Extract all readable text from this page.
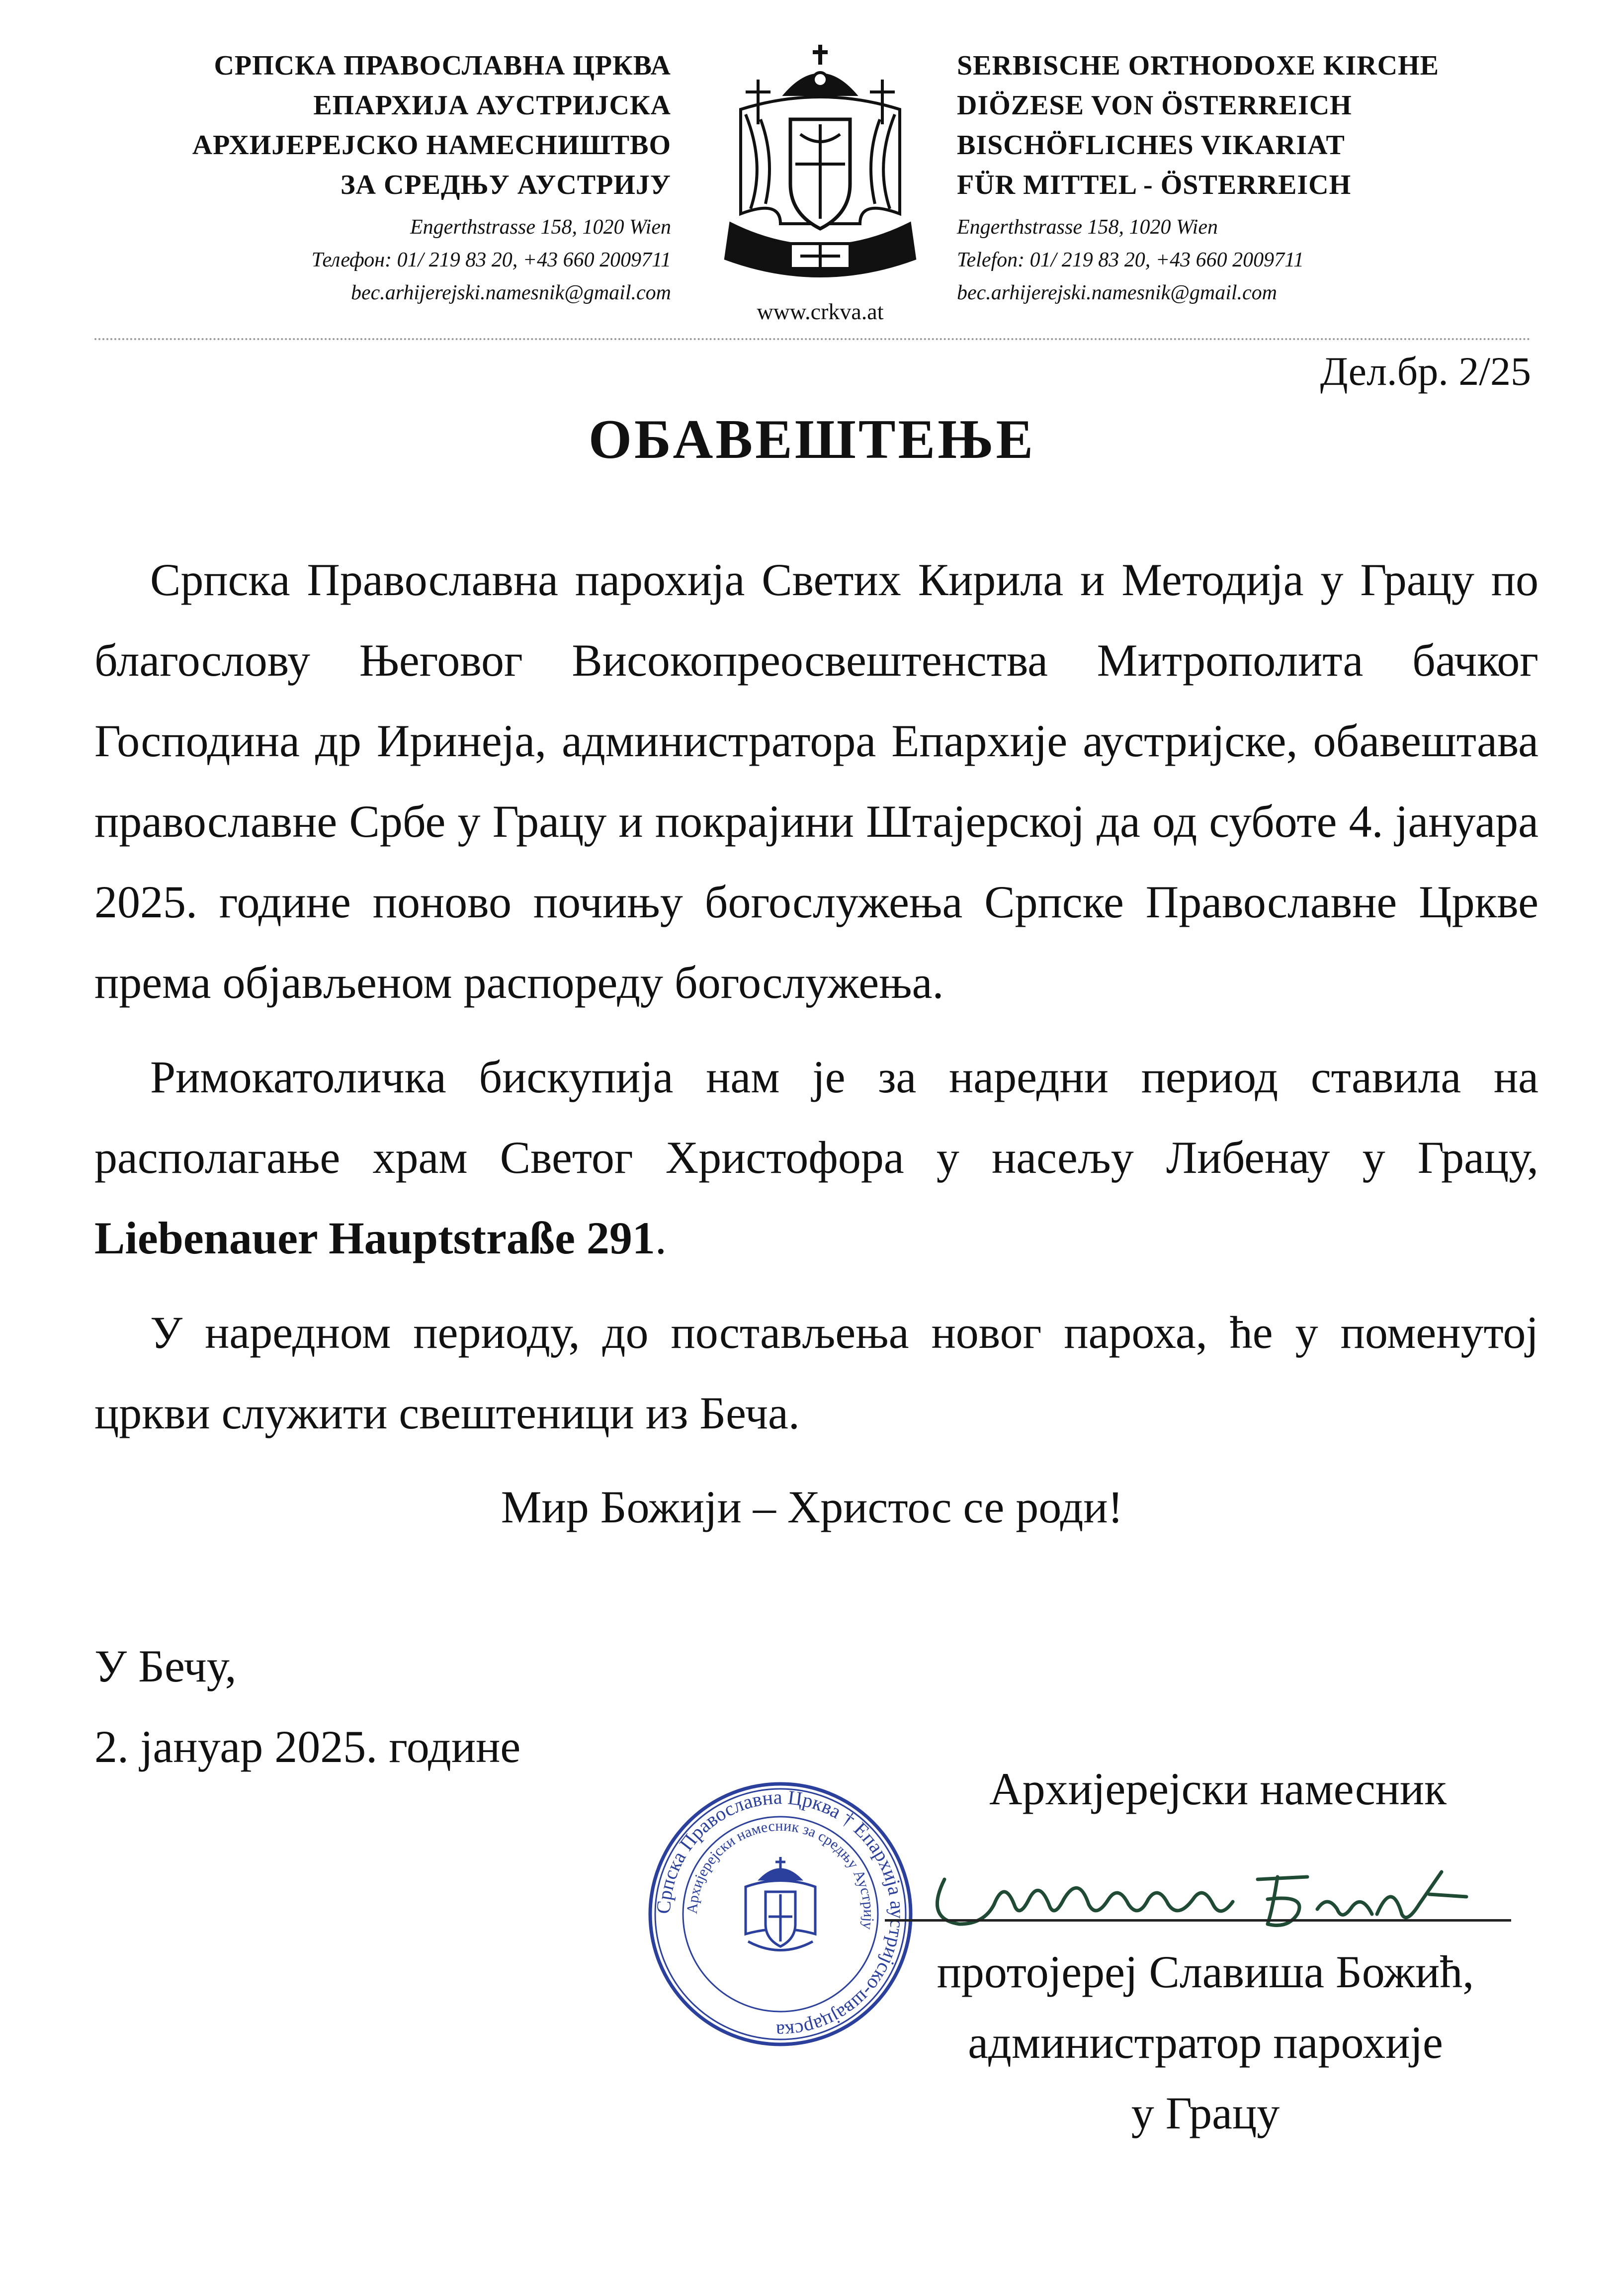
СРПСКА ПРАВОСЛАВНА ЦРКВА
ЕПАРХИЈА АУСТРИЈСКА
АРХИЈЕРЕЈСКО НАМЕСНИШТВО
ЗА СРЕДЊУ АУСТРИЈУ
Engerthstrasse 158, 1020 Wien
Телефон: 01/ 219 83 20, +43 660 2009711
bec.arhijerejski.namesnik@gmail.com
www.crkva.at
SERBISCHE ORTHODOXE KIRCHE
DIÖZESE VON ÖSTERREICH
BISCHÖFLICHES VIKARIAT
FÜR MITTEL - ÖSTERREICH
Engerthstrasse 158, 1020 Wien
Telefon: 01/ 219 83 20, +43 660 2009711
bec.arhijerejski.namesnik@gmail.com
Дел.бр. 2/25
ОБАВЕШТЕЊЕ

Српска Православна парохија Светих Кирила и Методија у Грацу по благослову Његовог Високопреосвештенства Митрополита бачког Господина др Иринеја, администратора Епархије аустријске, обавештава православне Србе у Грацу и покрајини Штајерској да од суботе 4. јануара 2025. године поново почињу богослужења Српске Православне Цркве према објављеном распореду богослужења.

Римокатоличка бискупија нам је за наредни период ставила на располагање храм Светог Христофора у насељу Либенау у Грацу, Liebenauer Hauptstraße 291.

У наредном периоду, до постављења новог пароха, ће у поменутој цркви служити свештеници из Беча.

Мир Божији – Христос се роди!
У Бечу,
2. јануар 2025. године
Архијерејски намесник
Српска Православна Црква † Епархија аустријско-швајцарска
Архијерејски намесник за средњу Аустрију
протојереј Славиша Божић,
администратор парохије
у Грацу
